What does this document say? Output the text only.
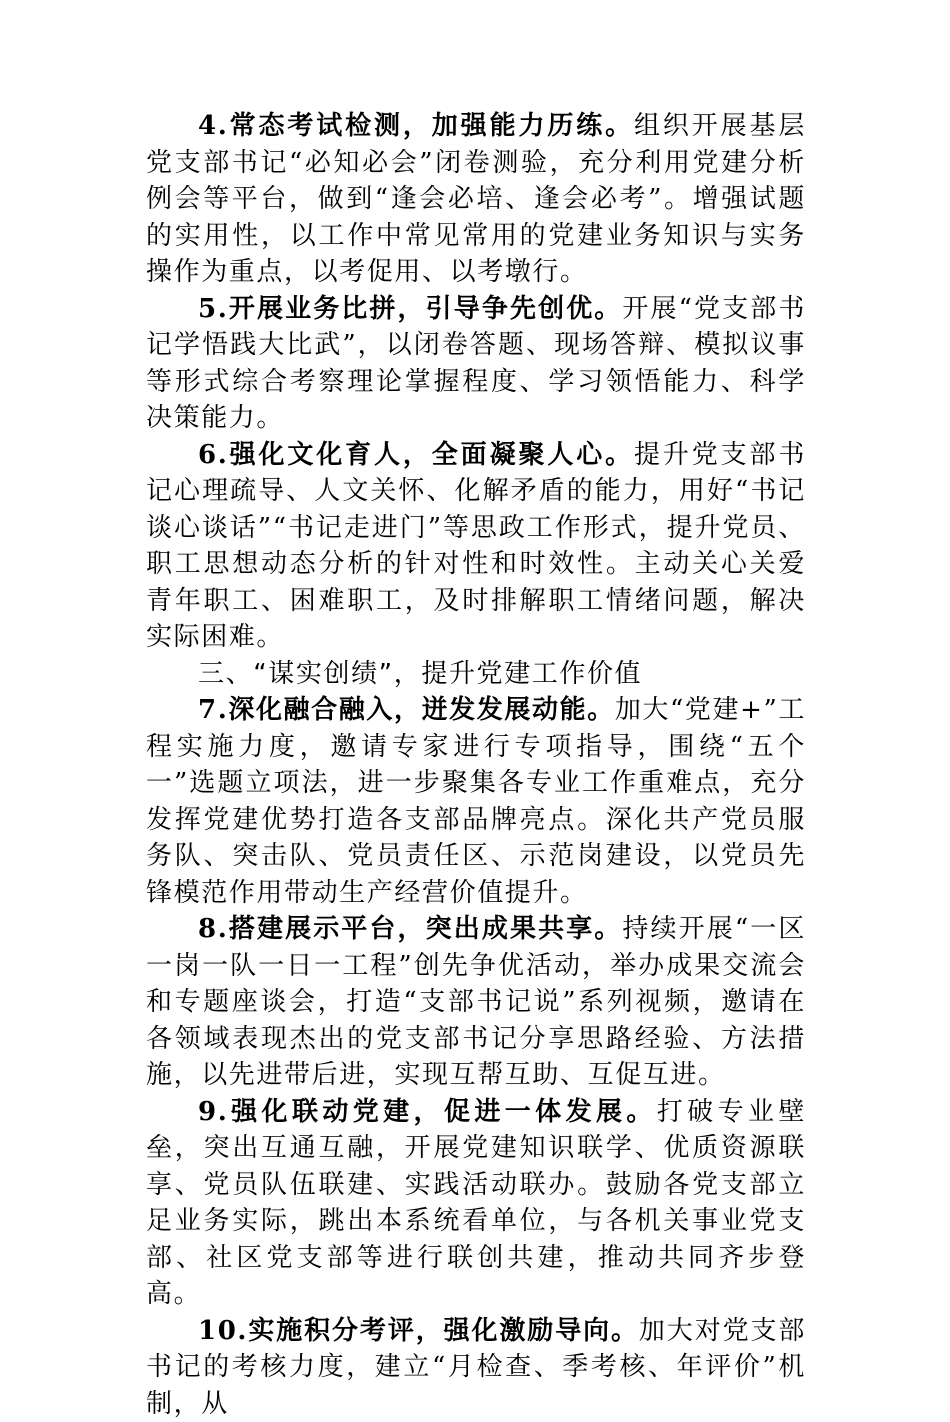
4.常态考试检测，加强能力历练。组织开展基层党支部书记“必知必会”闭卷测验，充分利用党建分析例会等平台，做到“逢会必培、逢会必考”。增强试题的实用性，以工作中常见常用的党建业务知识与实务操作为重点，以考促用、以考墩行。

5.开展业务比拼，引导争先创优。开展“党支部书记学悟践大比武”，以闭卷答题、现场答辩、模拟议事等形式综合考察理论掌握程度、学习领悟能力、科学决策能力。

6.强化文化育人，全面凝聚人心。提升党支部书记心理疏导、人文关怀、化解矛盾的能力，用好“书记谈心谈话”“书记走进门”等思政工作形式，提升党员、职工思想动态分析的针对性和时效性。主动关心关爱青年职工、困难职工，及时排解职工情绪问题，解决实际困难。

三、“谋实创绩”，提升党建工作价值

7.深化融合融入，迸发发展动能。加大“党建+”工程实施力度，邀请专家进行专项指导，围绕“五个一”选题立项法，进一步聚集各专业工作重难点，充分发挥党建优势打造各支部品牌亮点。深化共产党员服务队、突击队、党员责任区、示范岗建设，以党员先锋模范作用带动生产经营价值提升。

8.搭建展示平台，突出成果共享。持续开展“一区一岗一队一日一工程”创先争优活动，举办成果交流会和专题座谈会，打造“支部书记说”系列视频，邀请在各领域表现杰出的党支部书记分享思路经验、方法措施，以先进带后进，实现互帮互助、互促互进。

9.强化联动党建，促进一体发展。打破专业壁垒，突出互通互融，开展党建知识联学、优质资源联享、党员队伍联建、实践活动联办。鼓励各党支部立足业务实际，跳出本系统看单位，与各机关事业党支部、社区党支部等进行联创共建，推动共同齐步登高。

10.实施积分考评，强化激励导向。加大对党支部书记的考核力度，建立“月检查、季考核、年评价”机制，从
